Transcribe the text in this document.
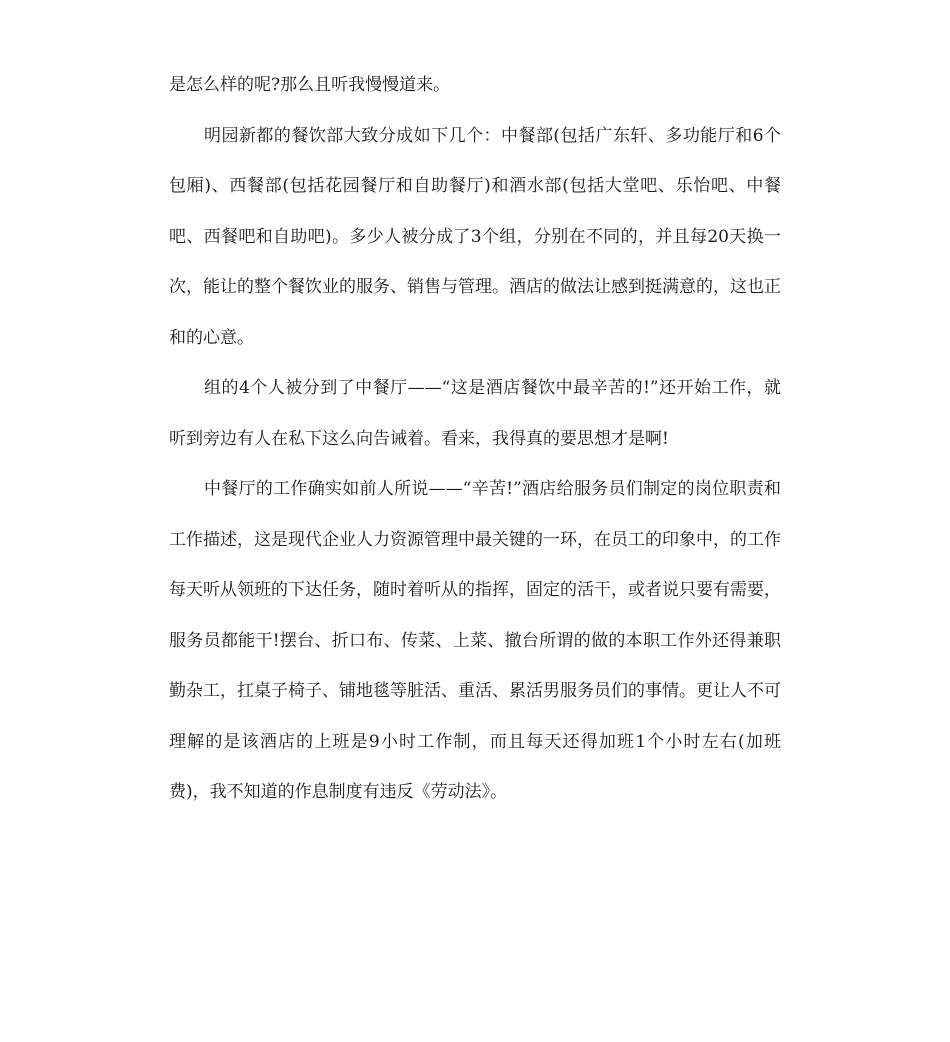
是怎么样的呢?那么且听我慢慢道来。

明园新都的餐饮部大致分成如下几个：中餐部(包括广东轩、多功能厅和6个包厢)、西餐部(包括花园餐厅和自助餐厅)和酒水部(包括大堂吧、乐怡吧、中餐吧、西餐吧和自助吧)。多少人被分成了3个组，分别在不同的，并且每20天换一次，能让的整个餐饮业的服务、销售与管理。酒店的做法让感到挺满意的，这也正和的心意。

组的4个人被分到了中餐厅——“这是酒店餐饮中最辛苦的!”还开始工作，就听到旁边有人在私下这么向告诫着。看来，我得真的要思想才是啊!

中餐厅的工作确实如前人所说——“辛苦!”酒店给服务员们制定的岗位职责和工作描述，这是现代企业人力资源管理中最关键的一环，在员工的印象中，的工作每天听从领班的下达任务，随时着听从的指挥，固定的活干，或者说只要有需要，服务员都能干!摆台、折口布、传菜、上菜、撤台所谓的做的本职工作外还得兼职勤杂工，扛桌子椅子、铺地毯等脏活、重活、累活男服务员们的事情。更让人不可理解的是该酒店的上班是9小时工作制，而且每天还得加班1个小时左右(加班费)，我不知道的作息制度有违反《劳动法》。
